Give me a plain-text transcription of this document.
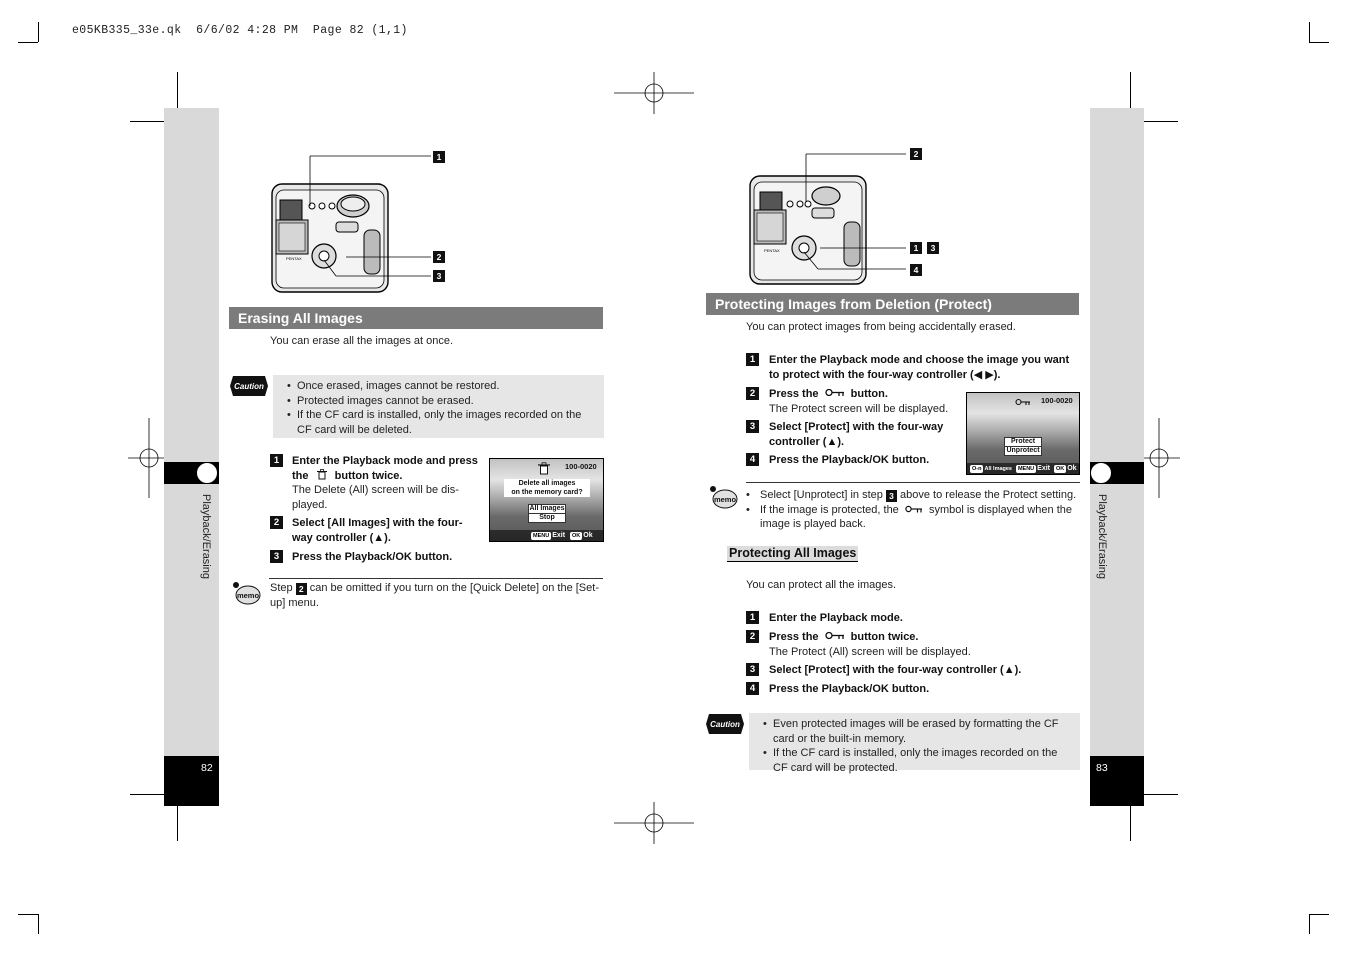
e05KB335_33e.qk  6/6/02 4:28 PM  Page 82 (1,1)
Playback/Erasing
82
Playback/Erasing
83
PENTAX
1
2
3
Erasing All Images
You can erase all the images at once.
Caution	• Once erased, images cannot be restored.
• Protected images cannot be erased.
• If the CF card is installed, only the images recorded on the CF card will be deleted.
1	Enter the Playback mode and press
the button twice.
The Delete (All) screen will be dis-played.
2	Select [All Images] with the four-way controller (▲).
3	Press the Playback/OK button.
100-0020
Delete all images
on the memory card?
All Images
Stop
MENU Exit OK Ok
memo
Step 2 can be omitted if you turn on the [Quick Delete] on the [Set-up] menu.
PENTAX
2
1	3
4
Protecting Images from Deletion (Protect)
You can protect images from being accidentally erased.
1	Enter the Playback mode and choose the image you want to protect with the four-way controller (◀ ▶).
2	Press the	button.
The Protect screen will be displayed.
3	Select [Protect] with the four-way controller (▲).
4	Press the Playback/OK button.
100-0020
Protect
Unprotect
O-n All Images MENU Exit OK Ok
memo	• Select [Unprotect] in step 3 above to release the Protect setting.
• If the image is protected, the	symbol is displayed when the image is played back.
Protecting All Images
You can protect all the images.
1	Enter the Playback mode.
2	Press the	button twice.
The Protect (All) screen will be displayed.
3	Select [Protect] with the four-way controller (▲).
4	Press the Playback/OK button.
Caution	• Even protected images will be erased by formatting the CF card or the built-in memory.
• If the CF card is installed, only the images recorded on the CF card will be protected.
